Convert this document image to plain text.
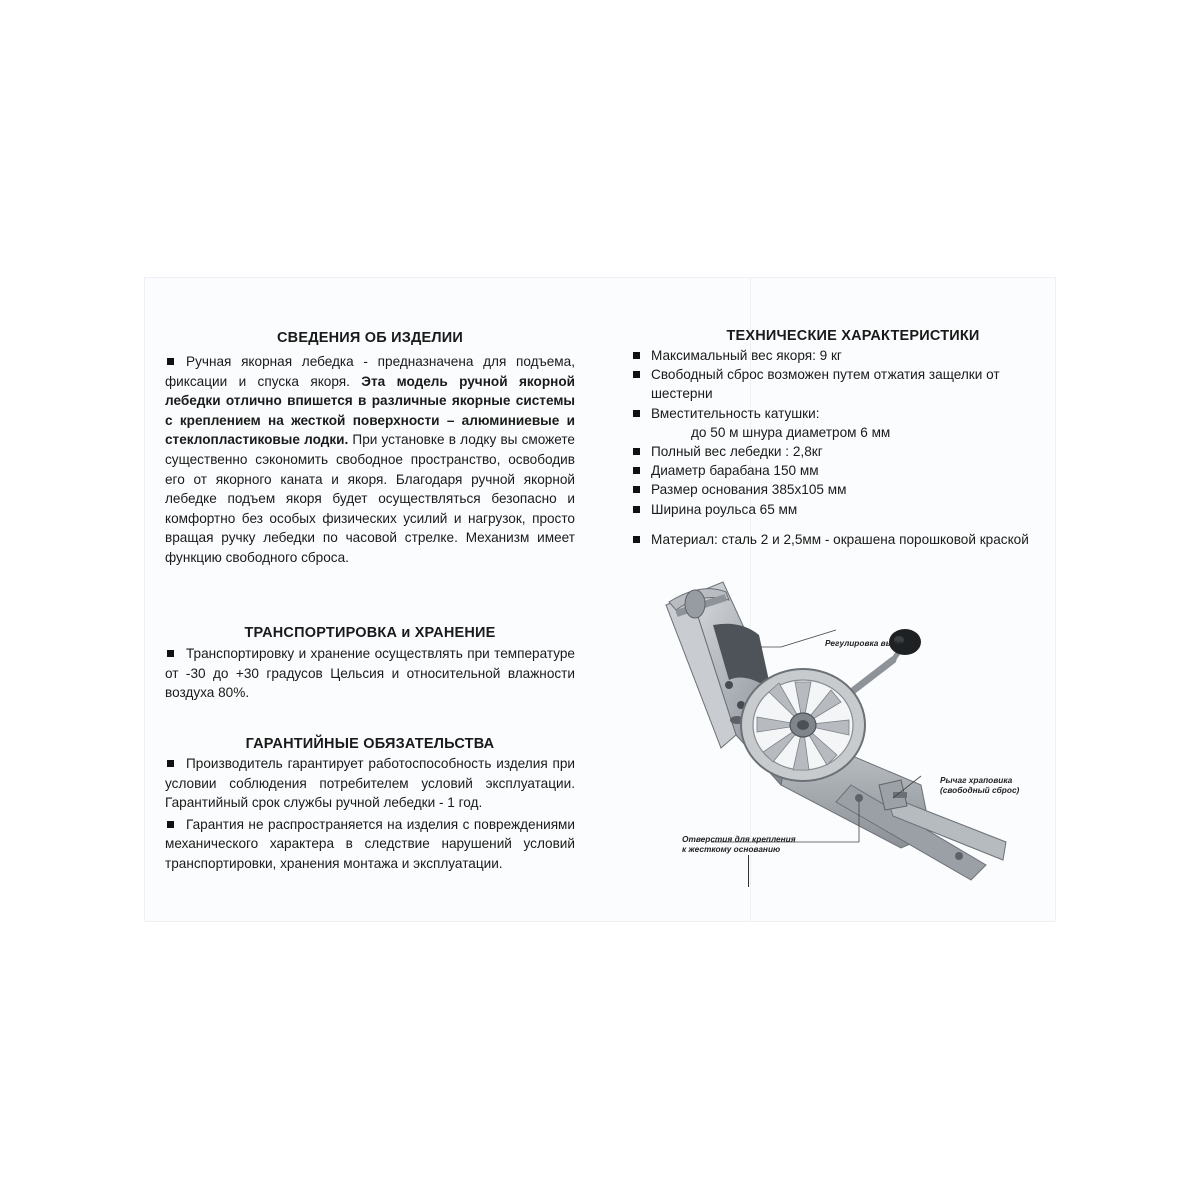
СВЕДЕНИЯ ОБ ИЗДЕЛИИ

Ручная якорная лебедка - предназначена для подъема, фиксации и спуска якоря. Эта модель ручной якорной лебедки отлично впишется в различные якорные системы с креплением на жесткой поверхности – алюминиевые и стеклопластиковые лодки. При установке в лодку вы сможете существенно сэкономить свободное пространство, освободив его от якорного каната и якоря. Благодаря ручной якорной лебедке подъем якоря будет осуществляться безопасно и комфортно без особых физических усилий и нагрузок, просто вращая ручку лебедки по часовой стрелке. Механизм имеет функцию свободного сброса.

ТРАНСПОРТИРОВКА и ХРАНЕНИЕ

Транспортировку и хранение осуществлять при температуре от -30 до +30 градусов Цельсия и относительной влажности воздуха 80%.

ГАРАНТИЙНЫЕ ОБЯЗАТЕЛЬСТВА

Производитель гарантирует работоспособность изделия при условии соблюдения потребителем условий эксплуатации. Гарантийный срок службы ручной лебедки - 1 год.

Гарантия не распространяется на изделия с повреждениями механического характера в следствие нарушений условий транспортировки, хранения монтажа и эксплуатации.

ТЕХНИЧЕСКИЕ ХАРАКТЕРИСТИКИ
Максимальный вес якоря: 9 кг
Свободный сброс возможен путем отжатия защелки от шестерни
Вместительность катушки:
до 50 м шнура диаметром 6 мм
Полный вес лебедки : 2,8кг
Диаметр барабана 150 мм
Размер основания 385х105 мм
Ширина роульса 65 мм
Материал: сталь 2 и 2,5мм - окрашена порошковой краской
Регулировка вылета
Рычаг храповика
(свободный сброс)
Отверстия для крепления
к жесткому основанию
